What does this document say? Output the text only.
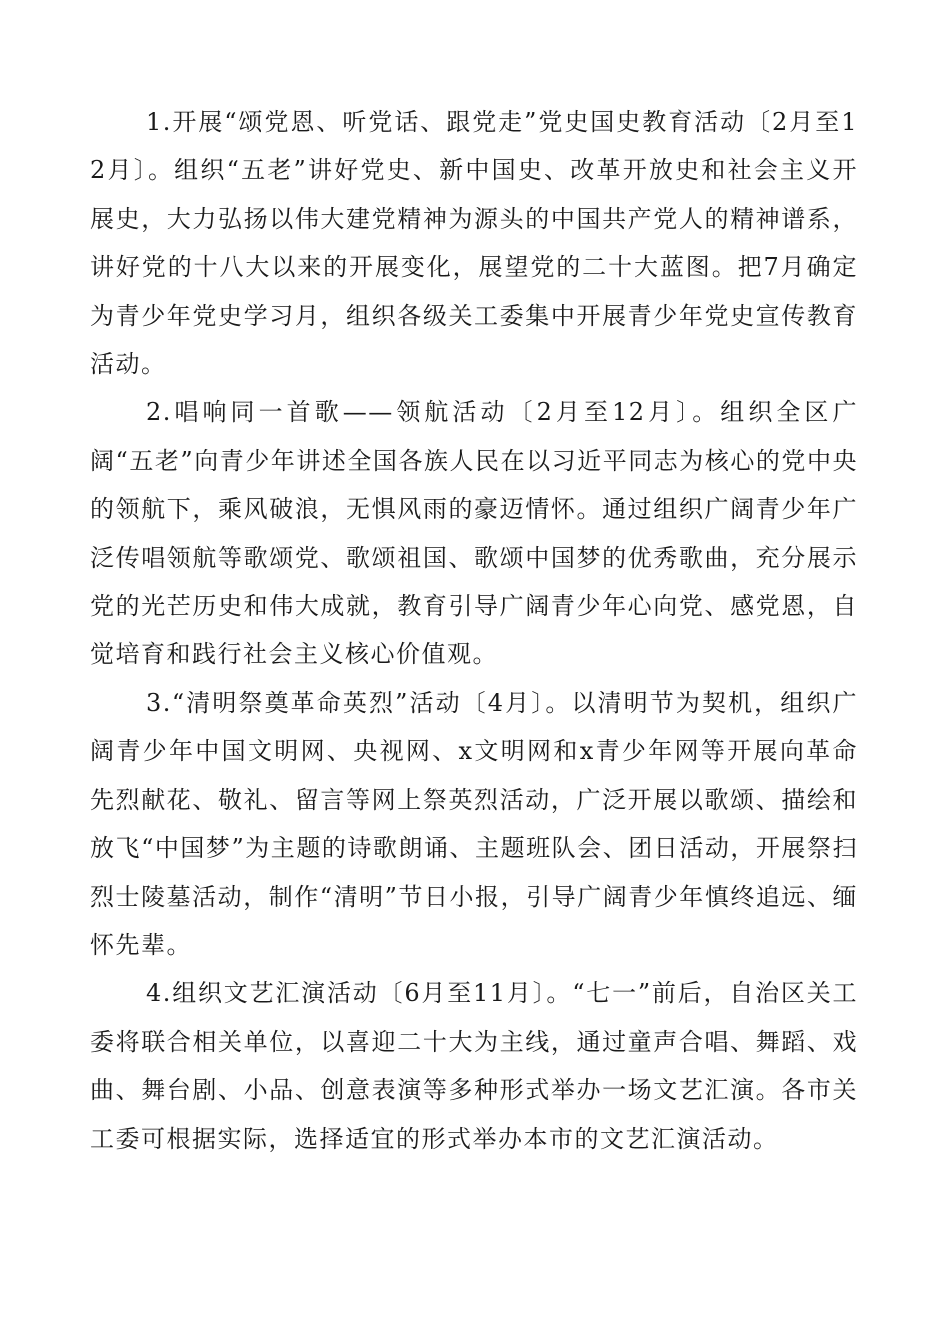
1.开展“颂党恩、听党话、跟党走”党史国史教育活动〔2月至12月〕。组织“五老”讲好党史、新中国史、改革开放史和社会主义开展史，大力弘扬以伟大建党精神为源头的中国共产党人的精神谱系，讲好党的十八大以来的开展变化，展望党的二十大蓝图。把7月确定为青少年党史学习月，组织各级关工委集中开展青少年党史宣传教育活动。

2.唱响同一首歌——领航活动〔2月至12月〕。组织全区广阔“五老”向青少年讲述全国各族人民在以习近平同志为核心的党中央的领航下，乘风破浪，无惧风雨的豪迈情怀。通过组织广阔青少年广泛传唱领航等歌颂党、歌颂祖国、歌颂中国梦的优秀歌曲，充分展示党的光芒历史和伟大成就，教育引导广阔青少年心向党、感党恩，自觉培育和践行社会主义核心价值观。

3.“清明祭奠革命英烈”活动〔4月〕。以清明节为契机，组织广阔青少年中国文明网、央视网、x文明网和x青少年网等开展向革命先烈献花、敬礼、留言等网上祭英烈活动，广泛开展以歌颂、描绘和放飞“中国梦”为主题的诗歌朗诵、主题班队会、团日活动，开展祭扫烈士陵墓活动，制作“清明”节日小报，引导广阔青少年慎终追远、缅怀先辈。

4.组织文艺汇演活动〔6月至11月〕。“七一”前后，自治区关工委将联合相关单位，以喜迎二十大为主线，通过童声合唱、舞蹈、戏曲、舞台剧、小品、创意表演等多种形式举办一场文艺汇演。各市关工委可根据实际，选择适宜的形式举办本市的文艺汇演活动。
